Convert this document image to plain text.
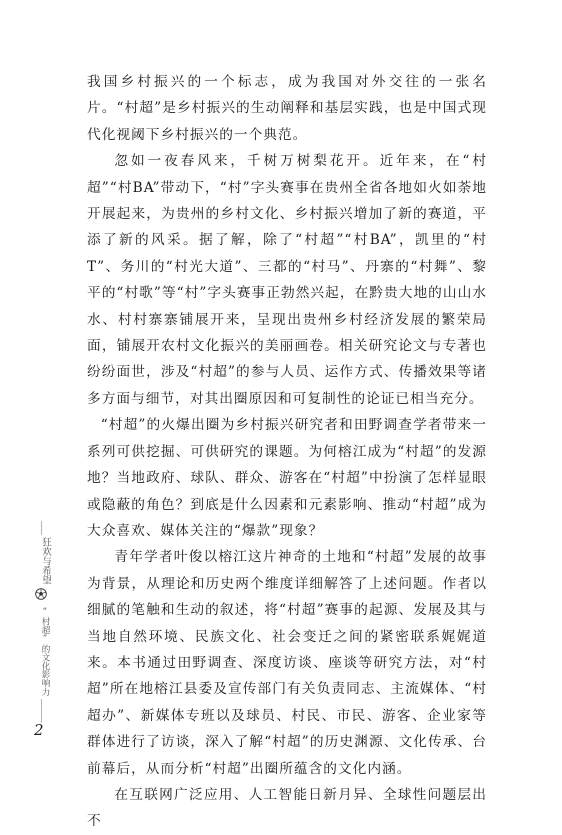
我国乡村振兴的一个标志，成为我国对外交往的一张名片。“村超”是乡村振兴的生动阐释和基层实践，也是中国式现代化视阈下乡村振兴的一个典范。

忽如一夜春风来，千树万树梨花开。近年来，在“村超”“村BA”带动下，“村”字头赛事在贵州全省各地如火如荼地开展起来，为贵州的乡村文化、乡村振兴增加了新的赛道，平添了新的风采。据了解，除了“村超”“村BA”，凯里的“村T”、务川的“村光大道”、三都的“村马”、丹寨的“村舞”、黎平的“村歌”等“村”字头赛事正勃然兴起，在黔贵大地的山山水水、村村寨寨铺展开来，呈现出贵州乡村经济发展的繁荣局面，铺展开农村文化振兴的美丽画卷。相关研究论文与专著也纷纷面世，涉及“村超”的参与人员、运作方式、传播效果等诸多方面与细节，对其出圈原因和可复制性的论证已相当充分。

“村超”的火爆出圈为乡村振兴研究者和田野调查学者带来一系列可供挖掘、可供研究的课题。为何榕江成为“村超”的发源地？当地政府、球队、群众、游客在“村超”中扮演了怎样显眼或隐蔽的角色？到底是什么因素和元素影响、推动“村超”成为大众喜欢、媒体关注的“爆款”现象？

青年学者叶俊以榕江这片神奇的土地和“村超”发展的故事为背景，从理论和历史两个维度详细解答了上述问题。作者以细腻的笔触和生动的叙述，将“村超”赛事的起源、发展及其与当地自然环境、民族文化、社会变迁之间的紧密联系娓娓道来。本书通过田野调查、深度访谈、座谈等研究方法，对“村超”所在地榕江县委及宣传部门有关负责同志、主流媒体、“村超办”、新媒体专班以及球员、村民、市民、游客、企业家等群体进行了访谈，深入了解“村超”的历史渊源、文化传承、台前幕后，从而分析“村超”出圈所蕴含的文化内涵。

在互联网广泛应用、人工智能日新月异、全球性问题层出不

狂欢与希望
“村超”的文化影响力
2
